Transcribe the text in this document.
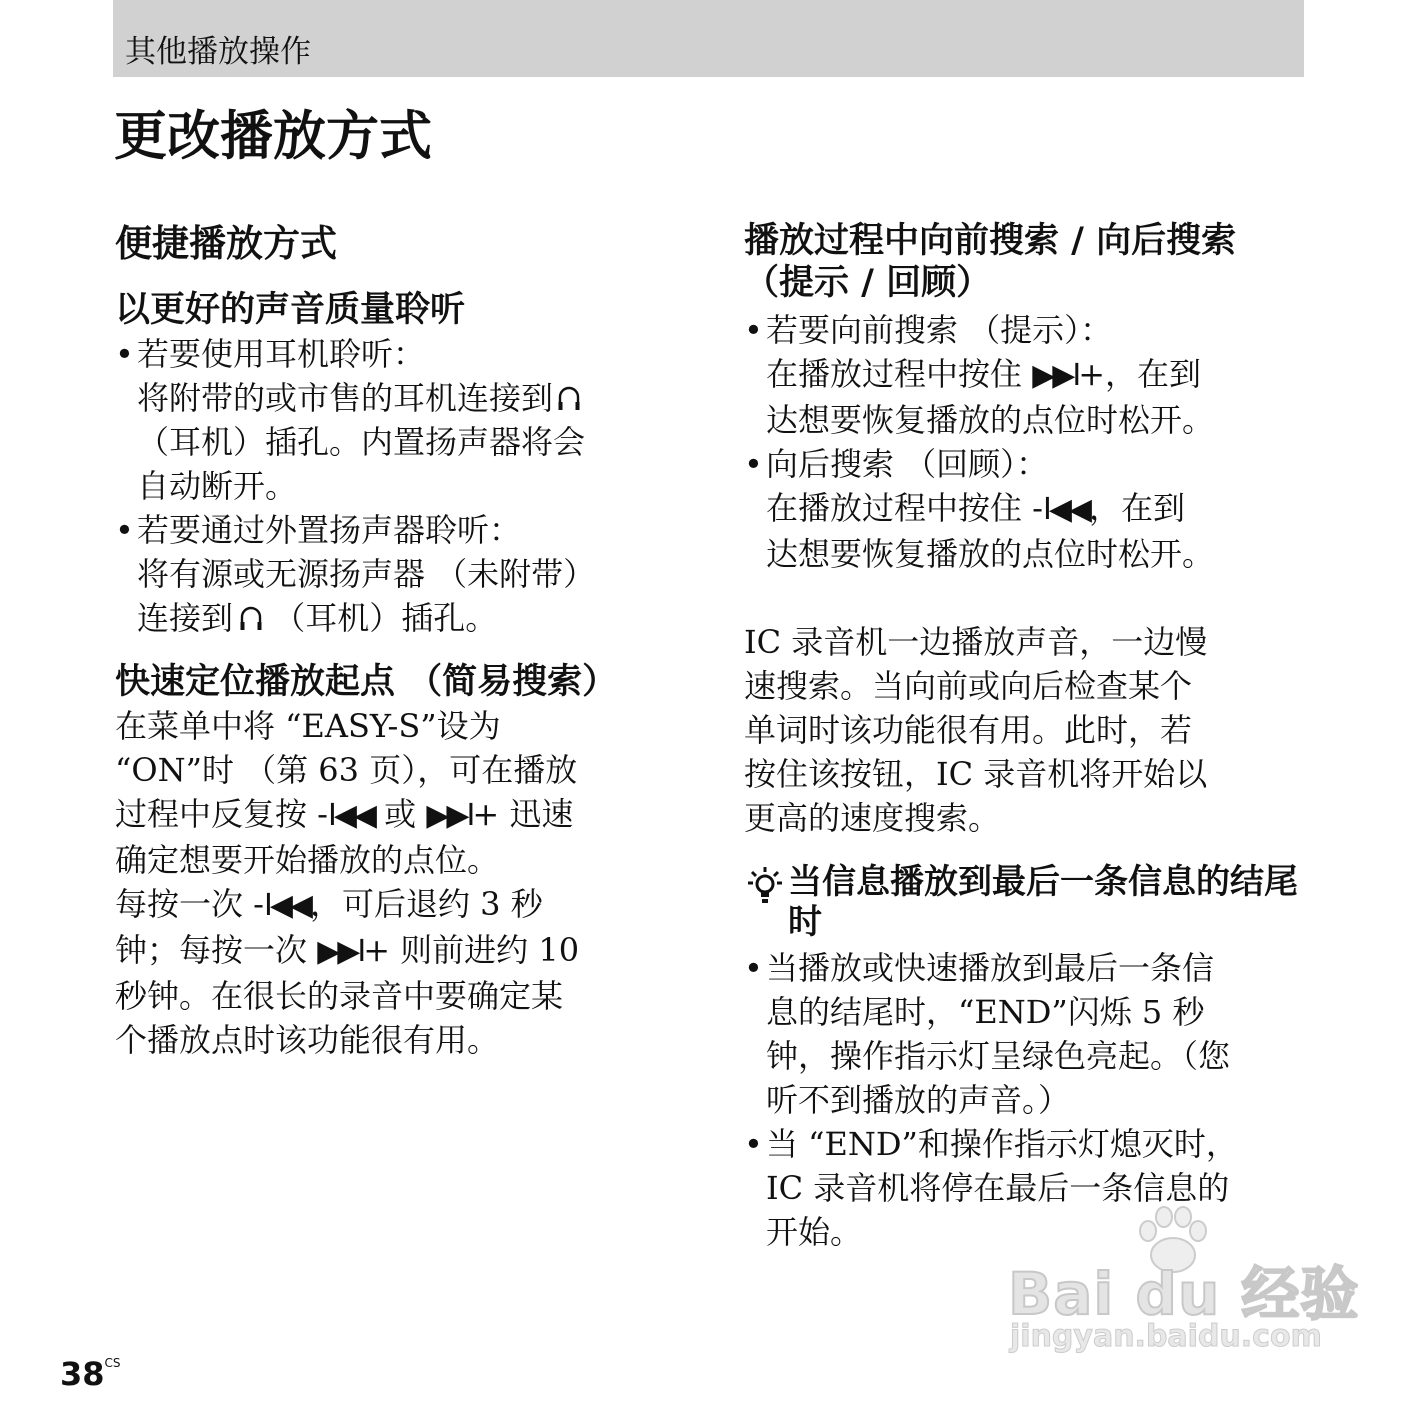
其他播放操作
更改播放方式

便捷播放方式

以更好的声音质量聆听

• 若要使用耳机聆听：

将附带的或市售的耳机连接到

（耳机）插孔。内置扬声器将会

自动断开。

• 若要通过外置扬声器聆听：

将有源或无源扬声器 （未附带）

连接到 （耳机）插孔。

快速定位播放起点 （简易搜索）

在菜单中将 “EASY-S”设为

“ON”时 （第 63 页），可在播放

过程中反复按 -I◀◀ 或 ▶▶I+ 迅速

确定想要开始播放的点位。

每按一次 -I◀◀，可后退约 3 秒

钟；每按一次 ▶▶I+ 则前进约 10

秒钟。在很长的录音中要确定某

个播放点时该功能很有用。

播放过程中向前搜索 / 向后搜索
（提示 / 回顾）

• 若要向前搜索 （提示）：

在播放过程中按住 ▶▶I+，在到

达想要恢复播放的点位时松开。

• 向后搜索 （回顾）：

在播放过程中按住 -I◀◀，在到

达想要恢复播放的点位时松开。

IC 录音机一边播放声音，一边慢

速搜索。当向前或向后检查某个

单词时该功能很有用。此时，若

按住该按钮，IC 录音机将开始以

更高的速度搜索。

当信息播放到最后一条信息的结尾时

• 当播放或快速播放到最后一条信

息的结尾时，“END”闪烁 5 秒

钟，操作指示灯呈绿色亮起。（您

听不到播放的声音。）

• 当 “END”和操作指示灯熄灭时，

IC 录音机将停在最后一条信息的

开始。

$38^{CS}$
Bai du 经验
jingyan.baidu.com
